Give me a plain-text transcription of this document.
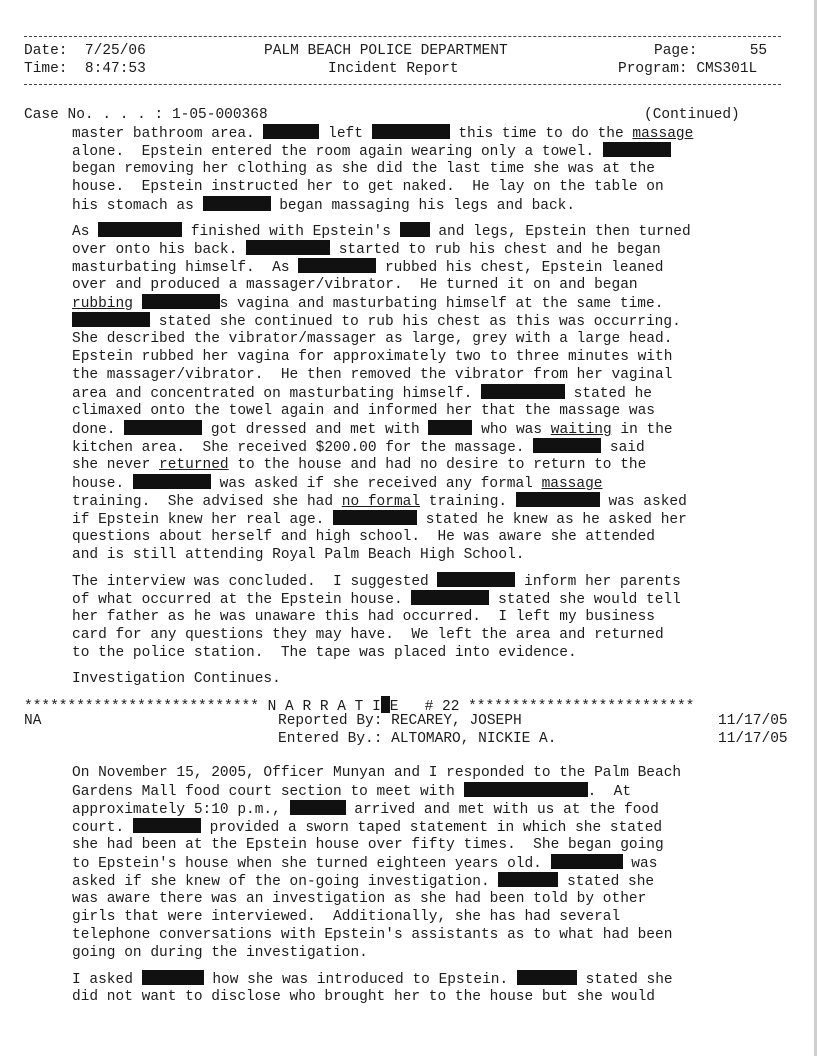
Date: 7/25/06
Time: 8:47:53
PALM BEACH POLICE DEPARTMENT
Incident Report
Page:	55
Program: CMS301L
Case No. . . . : 1-05-000368	(Continued)
master bathroom area.	left	this time to do the massage
alone.  Epstein entered the room again wearing only a towel.
began removing her clothing as she did the last time she was at the
house.  Epstein instructed her to get naked.  He lay on the table on
his stomach as	began massaging his legs and back.
As	finished with Epstein's	and legs, Epstein then turned
over onto his back.	started to rub his chest and he began
masturbating himself.  As	rubbed his chest, Epstein leaned
over and produced a massager/vibrator.  He turned it on and began
rubbing	s vagina and masturbating himself at the same time.
stated she continued to rub his chest as this was occurring.
She described the vibrator/massager as large, grey with a large head.
Epstein rubbed her vagina for approximately two to three minutes with
the massager/vibrator.  He then removed the vibrator from her vaginal
area and concentrated on masturbating himself.	stated he
climaxed onto the towel again and informed her that the massage was
done.	got dressed and met with	who was waiting in the
kitchen area.  She received $200.00 for the massage.	said
she never returned to the house and had no desire to return to the
house.	was asked if she received any formal massage
training.  She advised she had no formal training.	was asked
if Epstein knew her real age.	stated he knew as he asked her
questions about herself and high school.  He was aware she attended
and is still attending Royal Palm Beach High School.
The interview was concluded.  I suggested	inform her parents
of what occurred at the Epstein house.	stated she would tell
her father as he was unaware this had occurred.  I left my business
card for any questions they may have.  We left the area and returned
to the police station.  The tape was placed into evidence.
Investigation Continues.
*************************** N A R R A T I E # 22 **************************
NA	Reported By: RECAREY, JOSEPH	11/17/05
Entered By.: ALTOMARO, NICKIE A.	11/17/05
On November 15, 2005, Officer Munyan and I responded to the Palm Beach
Gardens Mall food court section to meet with	.  At
approximately 5:10 p.m.,	arrived and met with us at the food
court.	provided a sworn taped statement in which she stated
she had been at the Epstein house over fifty times.  She began going
to Epstein's house when she turned eighteen years old.	was
asked if she knew of the on-going investigation.	stated she
was aware there was an investigation as she had been told by other
girls that were interviewed.  Additionally, she has had several
telephone conversations with Epstein's assistants as to what had been
going on during the investigation.
I asked	how she was introduced to Epstein.	stated she
did not want to disclose who brought her to the house but she would
